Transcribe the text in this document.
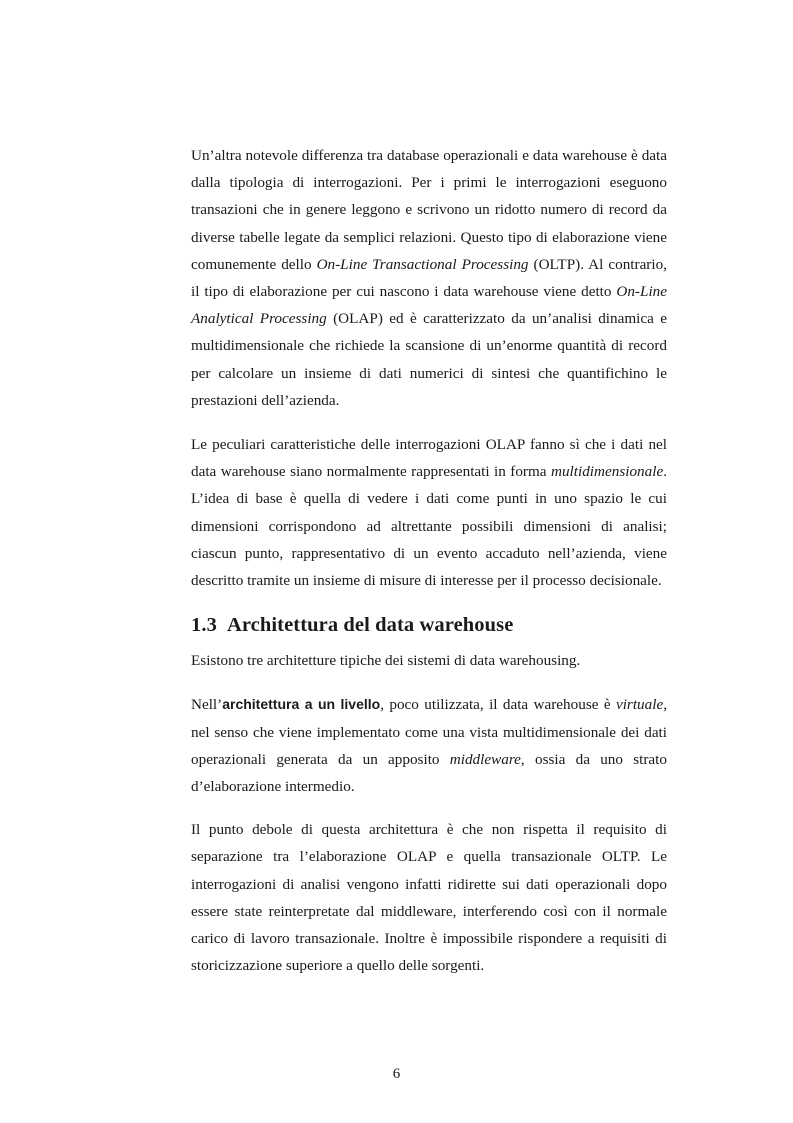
Un’altra notevole differenza tra database operazionali e data warehouse è data dalla tipologia di interrogazioni. Per i primi le interrogazioni eseguono transazioni che in genere leggono e scrivono un ridotto numero di record da diverse tabelle legate da semplici relazioni. Questo tipo di elaborazione viene comunemente dello On-Line Transactional Processing (OLTP). Al contrario, il tipo di elaborazione per cui nascono i data warehouse viene detto On-Line Analytical Processing (OLAP) ed è caratterizzato da un’analisi dinamica e multidimensionale che richiede la scansione di un’enorme quantità di record per calcolare un insieme di dati numerici di sintesi che quantifichino le prestazioni dell’azienda.

Le peculiari caratteristiche delle interrogazioni OLAP fanno sì che i dati nel data warehouse siano normalmente rappresentati in forma multidimensionale. L’idea di base è quella di vedere i dati come punti in uno spazio le cui dimensioni corrispondono ad altrettante possibili dimensioni di analisi; ciascun punto, rappresentativo di un evento accaduto nell’azienda, viene descritto tramite un insieme di misure di interesse per il processo decisionale.

1.3 Architettura del data warehouse

Esistono tre architetture tipiche dei sistemi di data warehousing.

Nell’architettura a un livello, poco utilizzata, il data warehouse è virtuale, nel senso che viene implementato come una vista multidimensionale dei dati operazionali generata da un apposito middleware, ossia da uno strato d’elaborazione intermedio.

Il punto debole di questa architettura è che non rispetta il requisito di separazione tra l’elaborazione OLAP e quella transazionale OLTP. Le interrogazioni di analisi vengono infatti ridirette sui dati operazionali dopo essere state reinterpretate dal middleware, interferendo così con il normale carico di lavoro transazionale. Inoltre è impossibile rispondere a requisiti di storicizzazione superiore a quello delle sorgenti.

6
